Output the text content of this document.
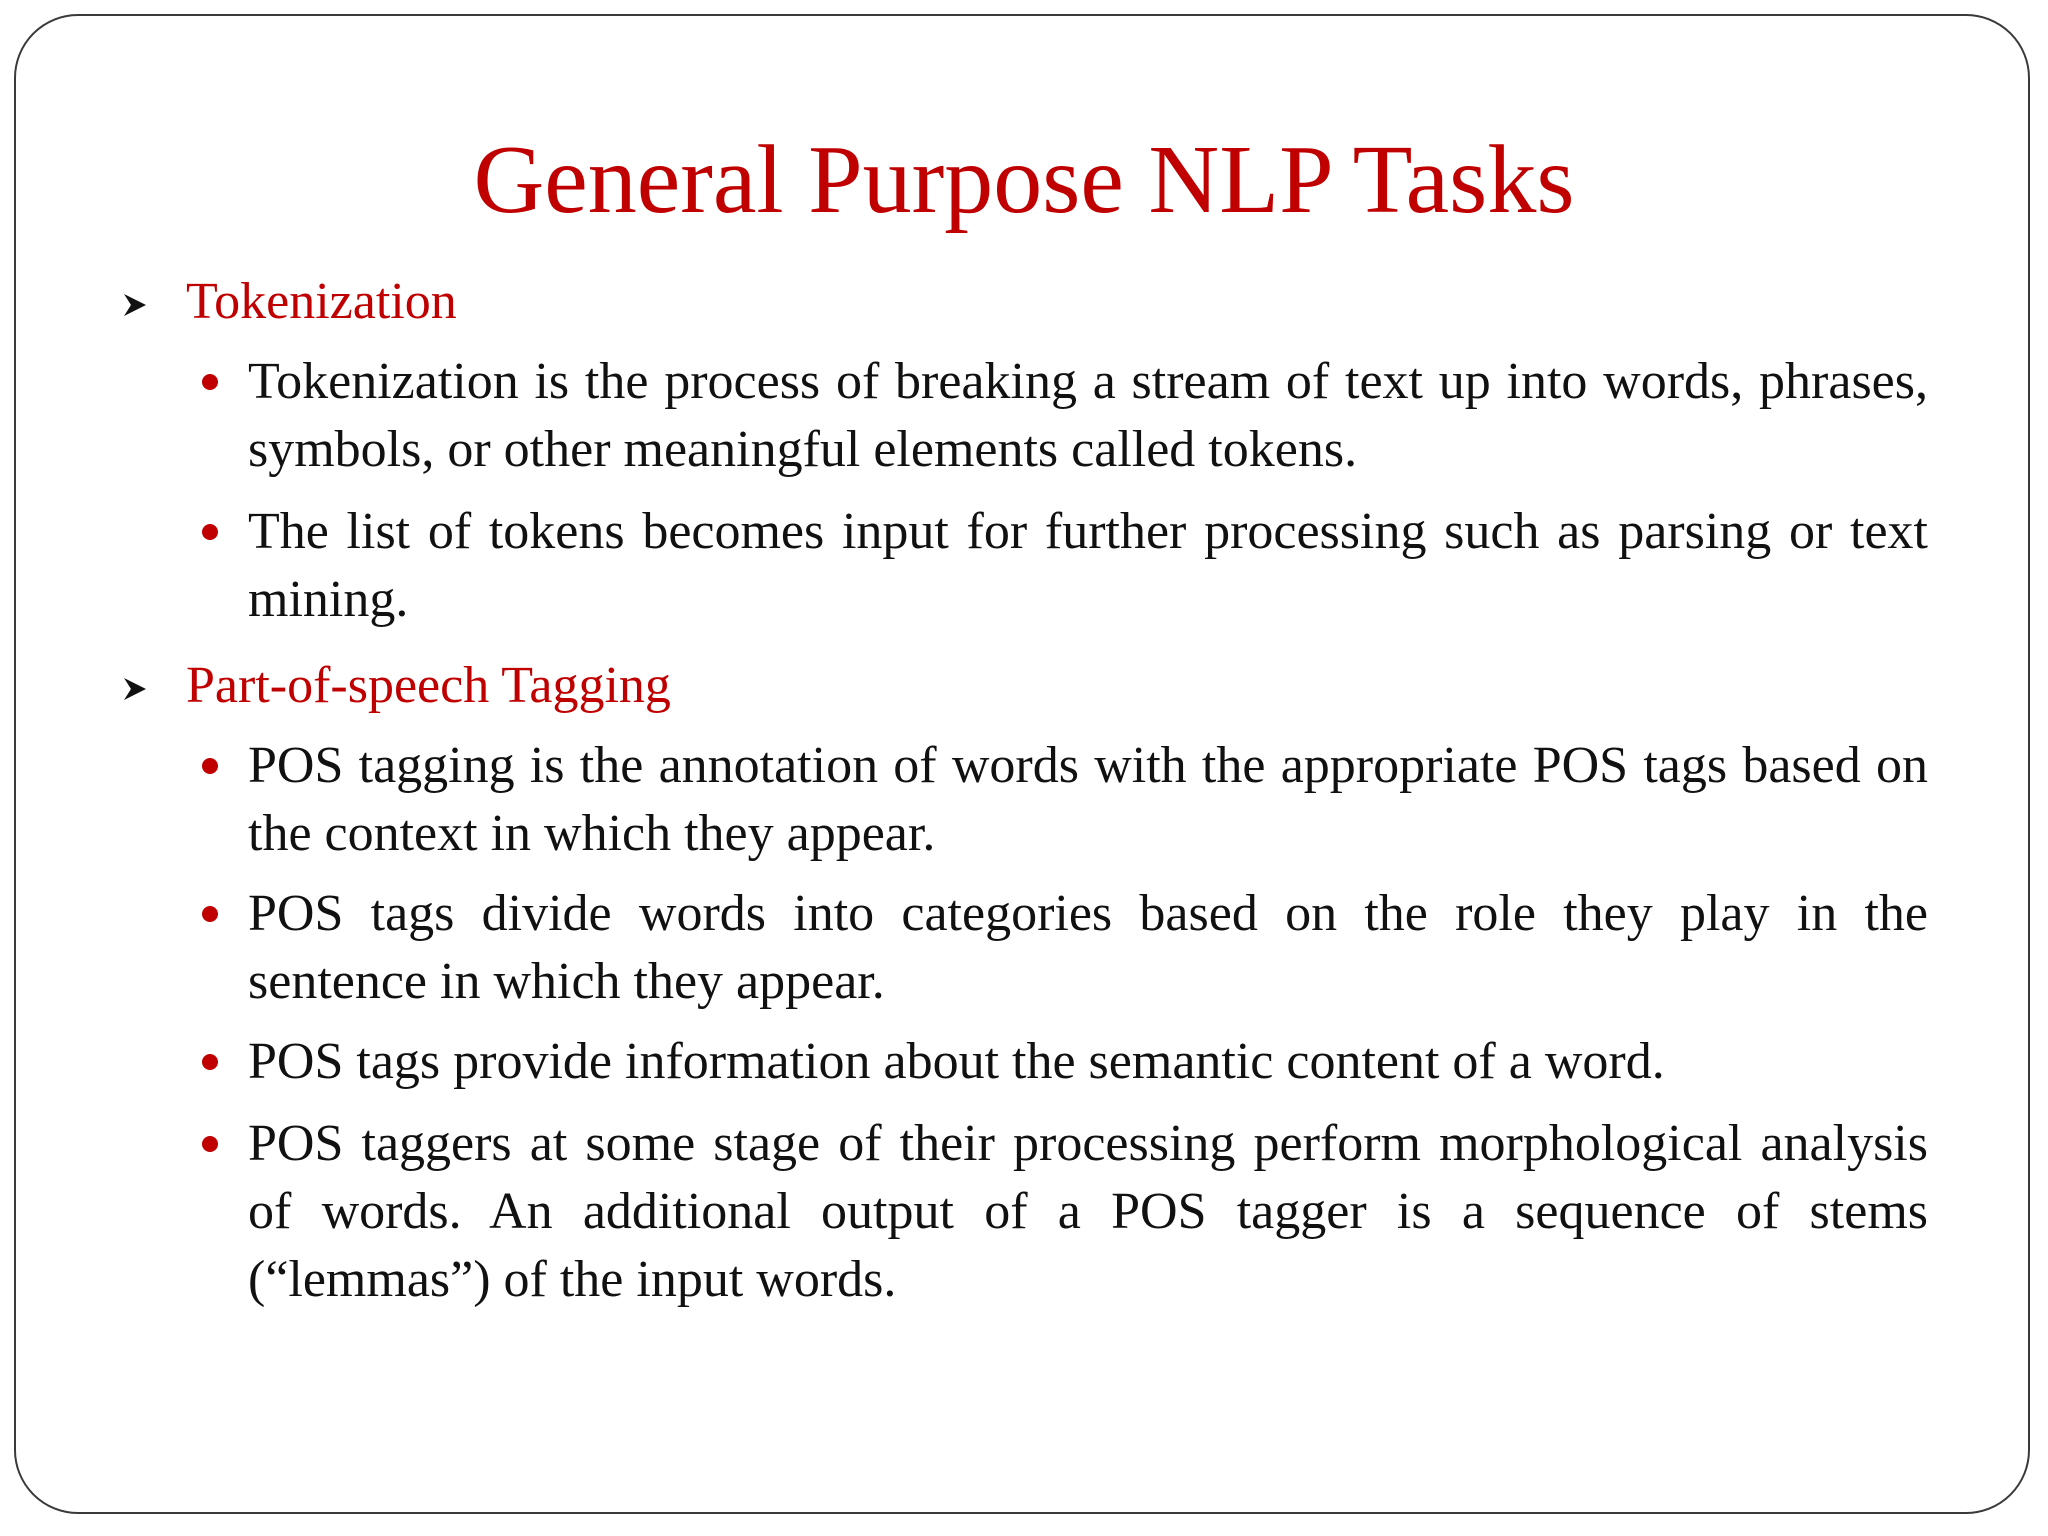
General Purpose NLP Tasks
Tokenization
Tokenization is the process of breaking a stream of text up into words, phrases, symbols, or other meaningful elements called tokens.
The list of tokens becomes input for further processing such as parsing or text mining.
Part-of-speech Tagging
POS tagging is the annotation of words with the appropriate POS tags based on the context in which they appear.
POS tags divide words into categories based on the role they play in the sentence in which they appear.
POS tags provide information about the semantic content of a word.
POS taggers at some stage of their processing perform morphological analysis of words. An additional output of a POS tagger is a sequence of stems (“lemmas”) of the input words.
